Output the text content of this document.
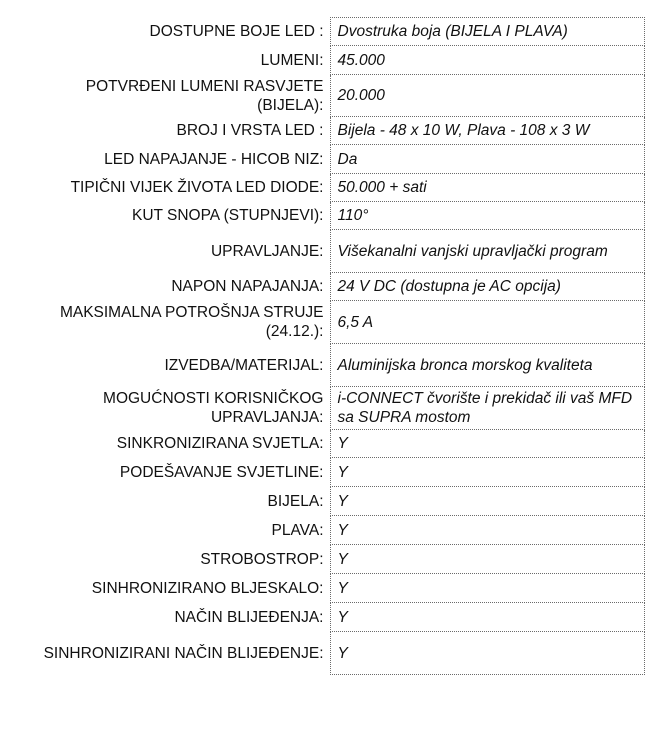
DOSTUPNE BOJE LED :	Dvostruka boja (BIJELA I PLAVA)
LUMENI:	45.000
POTVRĐENI LUMENI RASVJETE (BIJELA):	20.000
BROJ I VRSTA LED :	Bijela - 48 x 10 W, Plava - 108 x 3 W
LED NAPAJANJE - HICOB NIZ:	Da
TIPIČNI VIJEK ŽIVOTA LED DIODE:	50.000 + sati
KUT SNOPA (STUPNJEVI):	110°
UPRAVLJANJE:	Višekanalni vanjski upravljački program
NAPON NAPAJANJA:	24 V DC (dostupna je AC opcija)
MAKSIMALNA POTROŠNJA STRUJE (24.12.):	6,5 A
IZVEDBA/MATERIJAL:	Aluminijska bronca morskog kvaliteta
MOGUĆNOSTI KORISNIČKOG UPRAVLJANJA:	i-CONNECT čvorište i prekidač ili vaš MFD sa SUPRA mostom
SINKRONIZIRANA SVJETLA:	Y
PODEŠAVANJE SVJETLINE:	Y
BIJELA:	Y
PLAVA:	Y
STROBOSTROP:	Y
SINHRONIZIRANO BLJESKALO:	Y
NAČIN BLIJEĐENJA:	Y
SINHRONIZIRANI NAČIN BLIJEĐENJE:	Y
